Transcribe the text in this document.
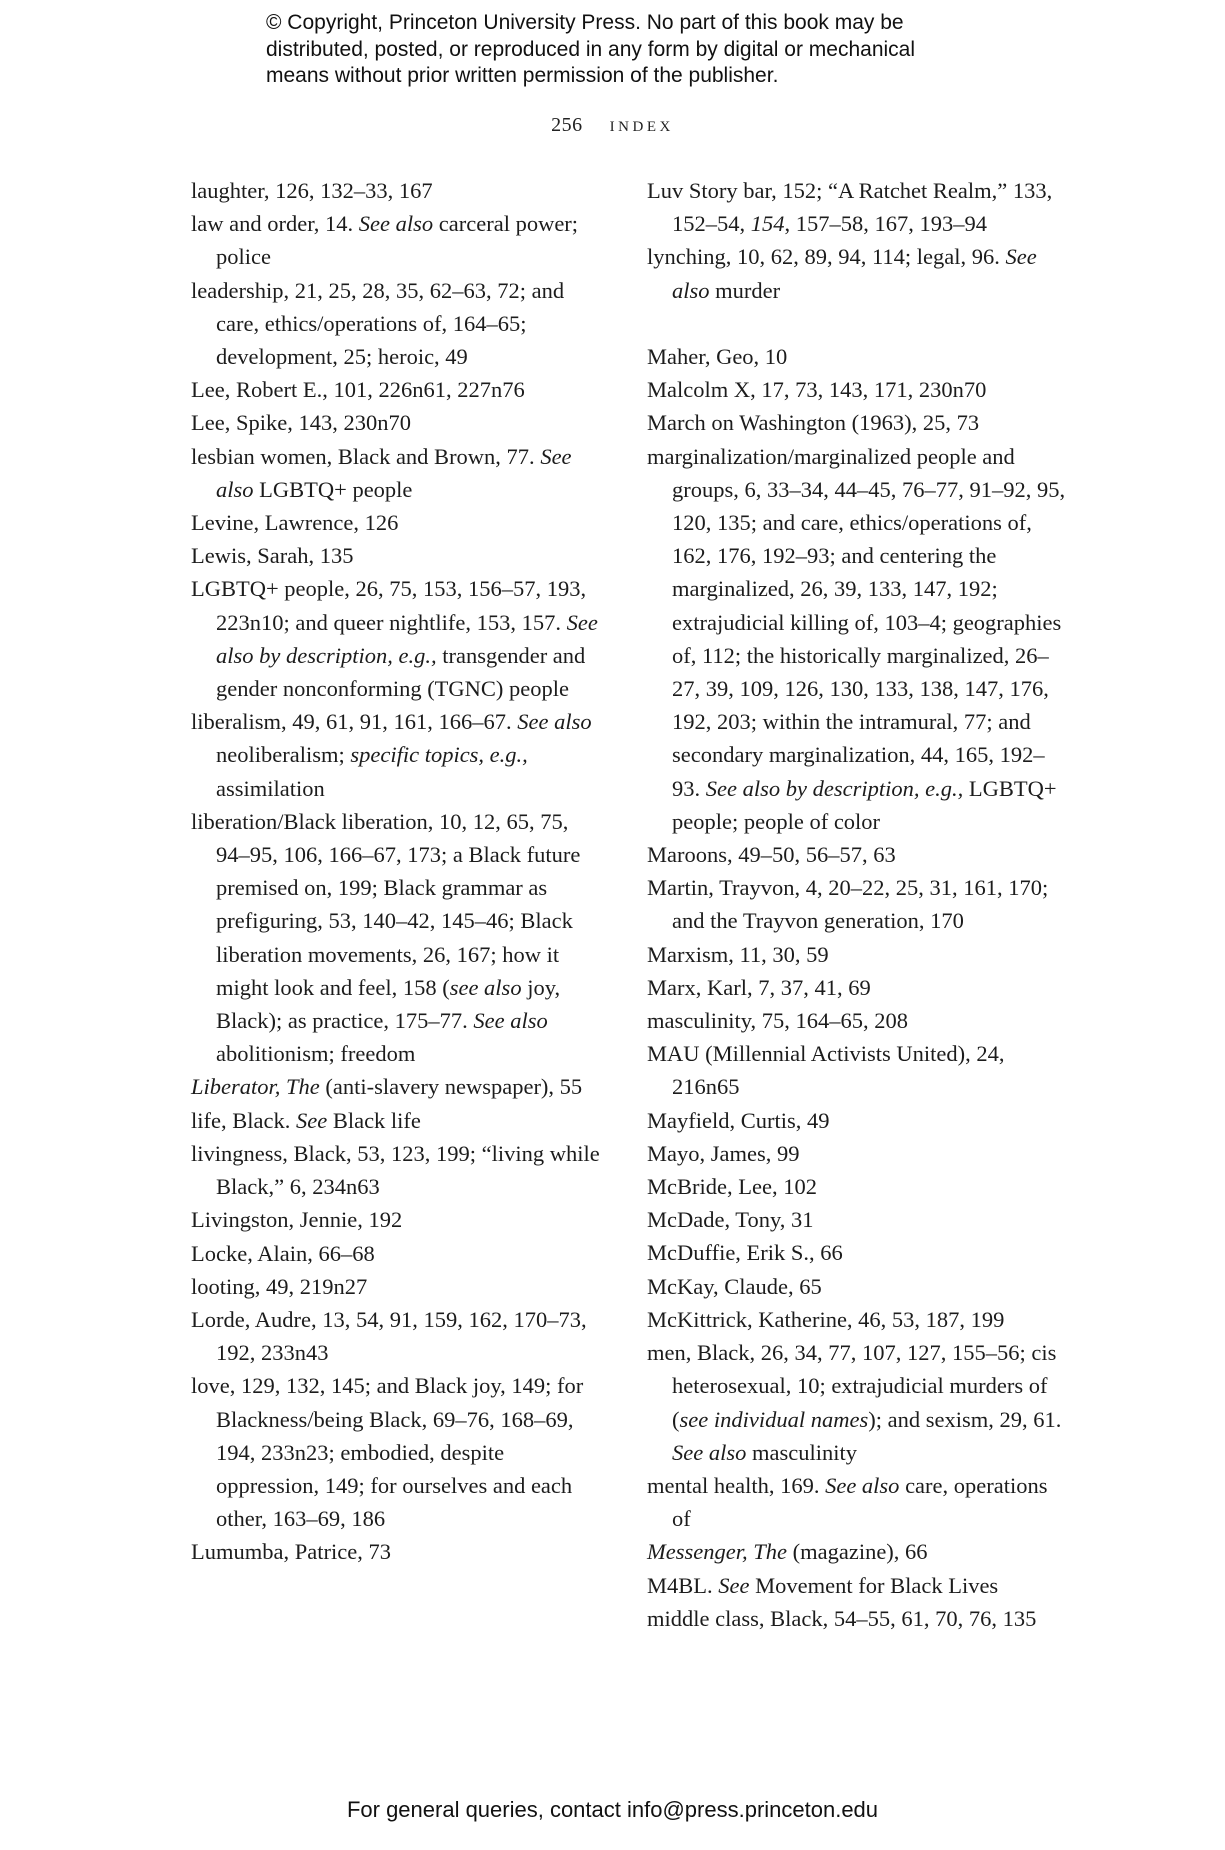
© Copyright, Princeton University Press. No part of this book may be
distributed, posted, or reproduced in any form by digital or mechanical
means without prior written permission of the publisher.
256 index
laughter, 126, 132–33, 167
law and order, 14. See also carceral power; police
leadership, 21, 25, 28, 35, 62–63, 72; and care, ethics/operations of, 164–65; development, 25; heroic, 49
Lee, Robert E., 101, 226n61, 227n76
Lee, Spike, 143, 230n70
lesbian women, Black and Brown, 77. See also LGBTQ+ people
Levine, Lawrence, 126
Lewis, Sarah, 135
LGBTQ+ people, 26, 75, 153, 156–57, 193, 223n10; and queer nightlife, 153, 157. See also by description, e.g., transgender and gender nonconforming (TGNC) people
liberalism, 49, 61, 91, 161, 166–67. See also neoliberalism; specific topics, e.g., assimilation
liberation/Black liberation, 10, 12, 65, 75, 94–95, 106, 166–67, 173; a Black future premised on, 199; Black grammar as prefiguring, 53, 140–42, 145–46; Black liberation movements, 26, 167; how it might look and feel, 158 (see also joy, Black); as practice, 175–77. See also abolitionism; freedom
Liberator, The (anti-slavery newspaper), 55
life, Black. See Black life
livingness, Black, 53, 123, 199; “living while Black,” 6, 234n63
Livingston, Jennie, 192
Locke, Alain, 66–68
looting, 49, 219n27
Lorde, Audre, 13, 54, 91, 159, 162, 170–73, 192, 233n43
love, 129, 132, 145; and Black joy, 149; for Blackness/being Black, 69–76, 168–69, 194, 233n23; embodied, despite oppression, 149; for ourselves and each other, 163–69, 186
Lumumba, Patrice, 73
Luv Story bar, 152; “A Ratchet Realm,” 133, 152–54, 154, 157–58, 167, 193–94
lynching, 10, 62, 89, 94, 114; legal, 96. See also murder
Maher, Geo, 10
Malcolm X, 17, 73, 143, 171, 230n70
March on Washington (1963), 25, 73
marginalization/marginalized people and groups, 6, 33–34, 44–45, 76–77, 91–92, 95, 120, 135; and care, ethics/operations of, 162, 176, 192–93; and centering the marginalized, 26, 39, 133, 147, 192; extrajudicial killing of, 103–4; geographies of, 112; the historically marginalized, 26–27, 39, 109, 126, 130, 133, 138, 147, 176, 192, 203; within the intramural, 77; and secondary marginalization, 44, 165, 192–93. See also by description, e.g., LGBTQ+ people; people of color
Maroons, 49–50, 56–57, 63
Martin, Trayvon, 4, 20–22, 25, 31, 161, 170; and the Trayvon generation, 170
Marxism, 11, 30, 59
Marx, Karl, 7, 37, 41, 69
masculinity, 75, 164–65, 208
MAU (Millennial Activists United), 24, 216n65
Mayfield, Curtis, 49
Mayo, James, 99
McBride, Lee, 102
McDade, Tony, 31
McDuffie, Erik S., 66
McKay, Claude, 65
McKittrick, Katherine, 46, 53, 187, 199
men, Black, 26, 34, 77, 107, 127, 155–56; cis heterosexual, 10; extrajudicial murders of (see individual names); and sexism, 29, 61. See also masculinity
mental health, 169. See also care, operations of
Messenger, The (magazine), 66
M4BL. See Movement for Black Lives
middle class, Black, 54–55, 61, 70, 76, 135
For general queries, contact info@press.princeton.edu
